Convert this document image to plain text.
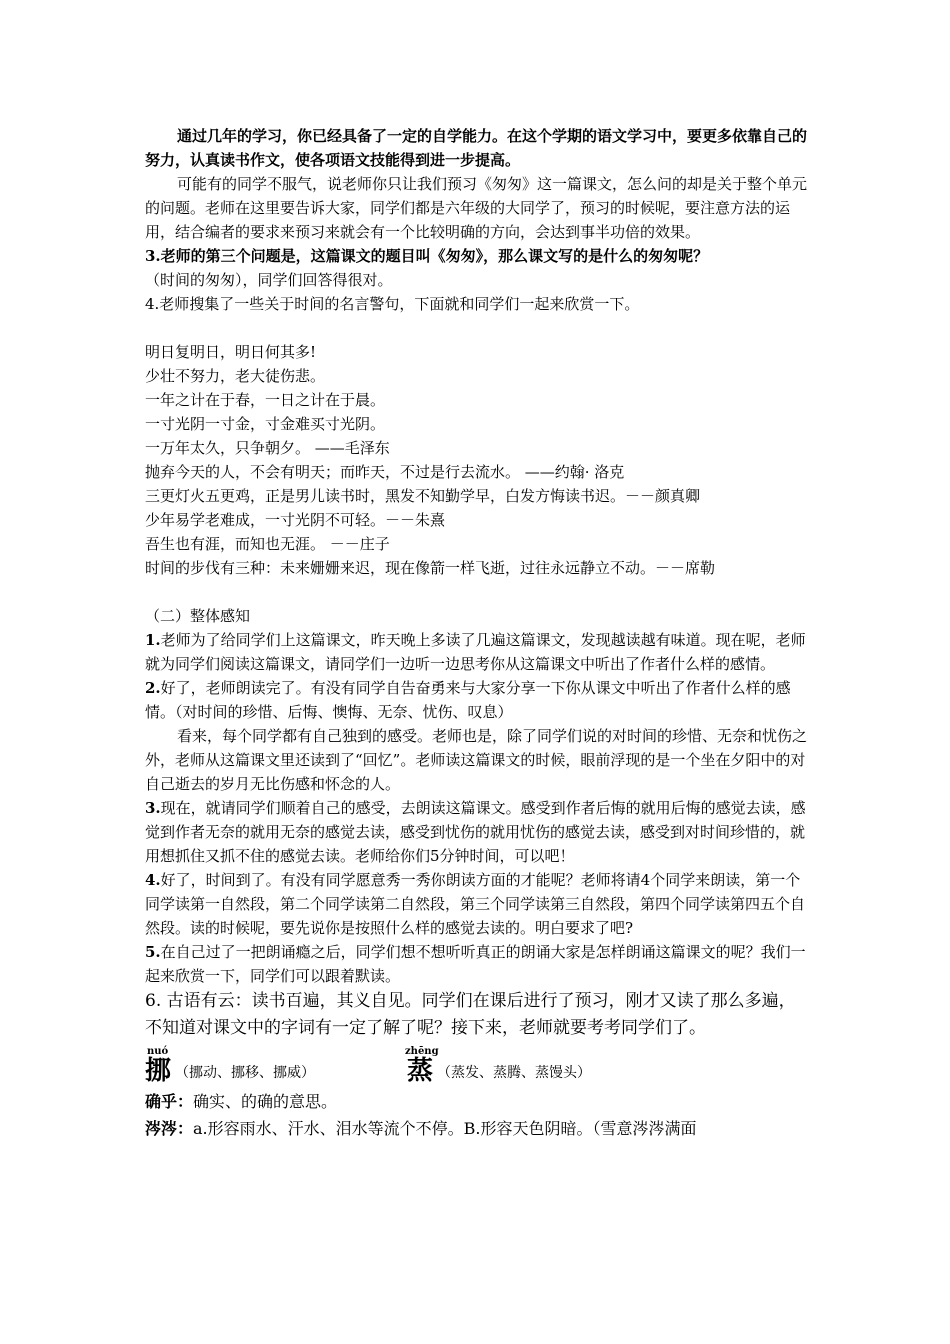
通过几年的学习，你已经具备了一定的自学能力。在这个学期的语文学习中，要更多依靠自己的努力，认真读书作文，使各项语文技能得到进一步提高。

可能有的同学不服气，说老师你只让我们预习《匆匆》这一篇课文，怎么问的却是关于整个单元的问题。老师在这里要告诉大家，同学们都是六年级的大同学了，预习的时候呢，要注意方法的运用，结合编者的要求来预习来就会有一个比较明确的方向，会达到事半功倍的效果。

3.老师的第三个问题是，这篇课文的题目叫《匆匆》，那么课文写的是什么的匆匆呢？

（时间的匆匆），同学们回答得很对。

4.老师搜集了一些关于时间的名言警句，下面就和同学们一起来欣赏一下。

明日复明日，明日何其多!

少壮不努力，老大徒伤悲。

一年之计在于春，一日之计在于晨。

一寸光阴一寸金，寸金难买寸光阴。

一万年太久，只争朝夕。 ——毛泽东

抛弃今天的人，不会有明天；而昨天，不过是行去流水。 ——约翰· 洛克

三更灯火五更鸡，正是男儿读书时，黑发不知勤学早，白发方悔读书迟。－－颜真卿

少年易学老难成，一寸光阴不可轻。－－朱熹

吾生也有涯，而知也无涯。 －－庄子

时间的步伐有三种：未来姗姗来迟，现在像箭一样飞逝，过往永远静立不动。－－席勒

（二）整体感知

1.老师为了给同学们上这篇课文，昨天晚上多读了几遍这篇课文，发现越读越有味道。现在呢，老师就为同学们阅读这篇课文，请同学们一边听一边思考你从这篇课文中听出了作者什么样的感情。

2.好了，老师朗读完了。有没有同学自告奋勇来与大家分享一下你从课文中听出了作者什么样的感情。（对时间的珍惜、后悔、懊悔、无奈、忧伤、叹息）

看来，每个同学都有自己独到的感受。老师也是，除了同学们说的对时间的珍惜、无奈和忧伤之外，老师从这篇课文里还读到了“回忆”。老师读这篇课文的时候，眼前浮现的是一个坐在夕阳中的对自己逝去的岁月无比伤感和怀念的人。

3.现在，就请同学们顺着自己的感受，去朗读这篇课文。感受到作者后悔的就用后悔的感觉去读，感觉到作者无奈的就用无奈的感觉去读，感受到忧伤的就用忧伤的感觉去读，感受到对时间珍惜的，就用想抓住又抓不住的感觉去读。老师给你们5分钟时间，可以吧！

4.好了，时间到了。有没有同学愿意秀一秀你朗读方面的才能呢？老师将请4个同学来朗读，第一个同学读第一自然段，第二个同学读第二自然段，第三个同学读第三自然段，第四个同学读第四五个自然段。读的时候呢，要先说你是按照什么样的感觉去读的。明白要求了吧?

5.在自己过了一把朗诵瘾之后，同学们想不想听听真正的朗诵大家是怎样朗诵这篇课文的呢？我们一起来欣赏一下，同学们可以跟着默读。

6. 古语有云：读书百遍，其义自见。同学们在课后进行了预习，刚才又读了那么多遍，不知道对课文中的字词有一定了解了呢？接下来，老师就要考考同学们了。

nuó
挪 （挪动、挪移、挪威）
zhēng
蒸 （蒸发、蒸腾、蒸馒头）

确乎：确实、的确的意思。

涔涔：a.形容雨水、汗水、泪水等流个不停。B.形容天色阴暗。（雪意涔涔满面
